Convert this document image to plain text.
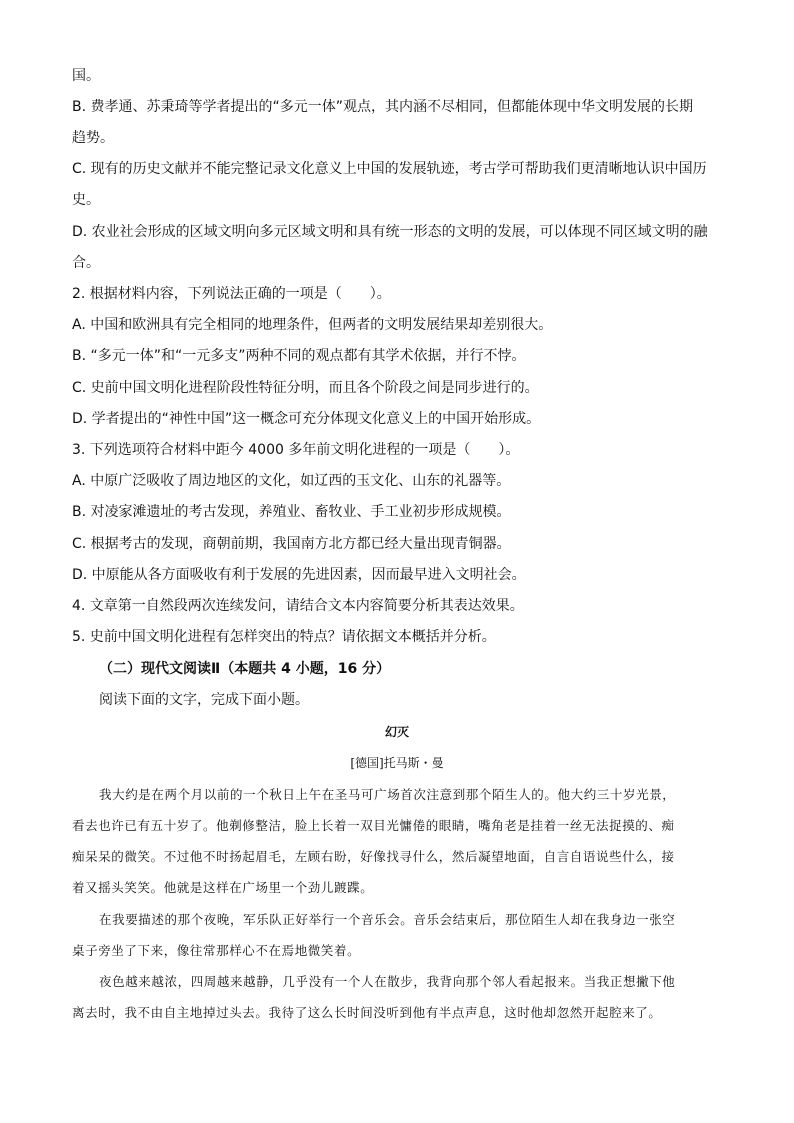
国。
B. 费孝通、苏秉琦等学者提出的“多元一体”观点，其内涵不尽相同，但都能体现中华文明发展的长期
趋势。
C. 现有的历史文献并不能完整记录文化意义上中国的发展轨迹，考古学可帮助我们更清晰地认识中国历
史。
D. 农业社会形成的区域文明向多元区域文明和具有统一形态的文明的发展，可以体现不同区域文明的融
合。
2. 根据材料内容，下列说法正确的一项是（　　）。
A. 中国和欧洲具有完全相同的地理条件，但两者的文明发展结果却差别很大。
B. “多元一体”和“一元多支”两种不同的观点都有其学术依据，并行不悖。
C. 史前中国文明化进程阶段性特征分明，而且各个阶段之间是同步进行的。
D. 学者提出的“神性中国”这一概念可充分体现文化意义上的中国开始形成。
3. 下列选项符合材料中距今 4000 多年前文明化进程的一项是（　　）。
A. 中原广泛吸收了周边地区的文化，如辽西的玉文化、山东的礼器等。
B. 对凌家滩遗址的考古发现，养殖业、畜牧业、手工业初步形成规模。
C. 根据考古的发现，商朝前期，我国南方北方都已经大量出现青铜器。
D. 中原能从各方面吸收有利于发展的先进因素，因而最早进入文明社会。
4. 文章第一自然段两次连续发问，请结合文本内容简要分析其表达效果。
5. 史前中国文明化进程有怎样突出的特点？请依据文本概括并分析。
（二）现代文阅读Ⅱ（本题共 4 小题，16 分）
阅读下面的文字，完成下面小题。
幻灭
[德国]托马斯・曼
我大约是在两个月以前的一个秋日上午在圣马可广场首次注意到那个陌生人的。他大约三十岁光景，
看去也许已有五十岁了。他剃修整洁，脸上长着一双目光慵倦的眼睛，嘴角老是挂着一丝无法捉摸的、痴
痴呆呆的微笑。不过他不时扬起眉毛，左顾右盼，好像找寻什么，然后凝望地面，自言自语说些什么，接
着又摇头笑笑。他就是这样在广场里一个劲儿踱蹀。
在我要描述的那个夜晚，军乐队正好举行一个音乐会。音乐会结束后，那位陌生人却在我身边一张空
桌子旁坐了下来，像往常那样心不在焉地微笑着。
夜色越来越浓，四周越来越静，几乎没有一个人在散步，我背向那个邻人看起报来。当我正想撇下他
离去时，我不由自主地掉过头去。我待了这么长时间没听到他有半点声息，这时他却忽然开起腔来了。
